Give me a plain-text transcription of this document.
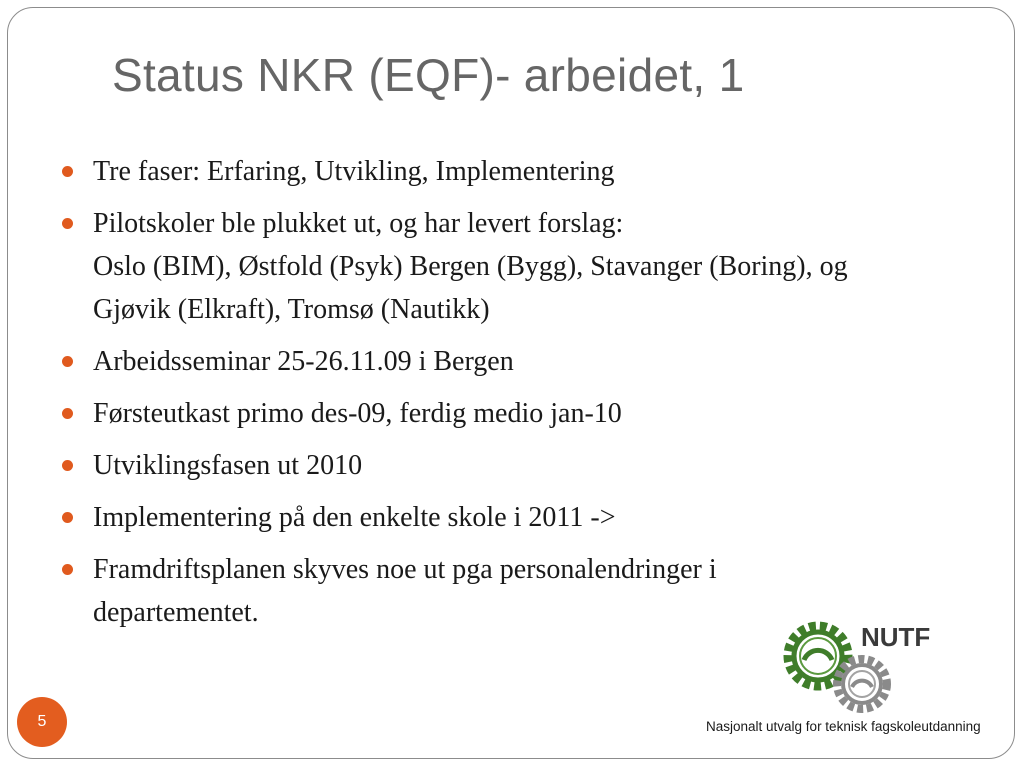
Status NKR (EQF)- arbeidet, 1
Tre faser: Erfaring, Utvikling, Implementering
Pilotskoler ble plukket ut, og har levert forslag:
Oslo (BIM), Østfold (Psyk) Bergen (Bygg), Stavanger (Boring), og
Gjøvik (Elkraft), Tromsø (Nautikk)
Arbeidsseminar 25-26.11.09 i Bergen
Førsteutkast primo des-09, ferdig medio jan-10
Utviklingsfasen ut 2010
Implementering på den enkelte skole i 2011 ->
Framdriftsplanen skyves noe ut pga personalendringer i
departementet.
NUTF
Nasjonalt utvalg for teknisk fagskoleutdanning
5
